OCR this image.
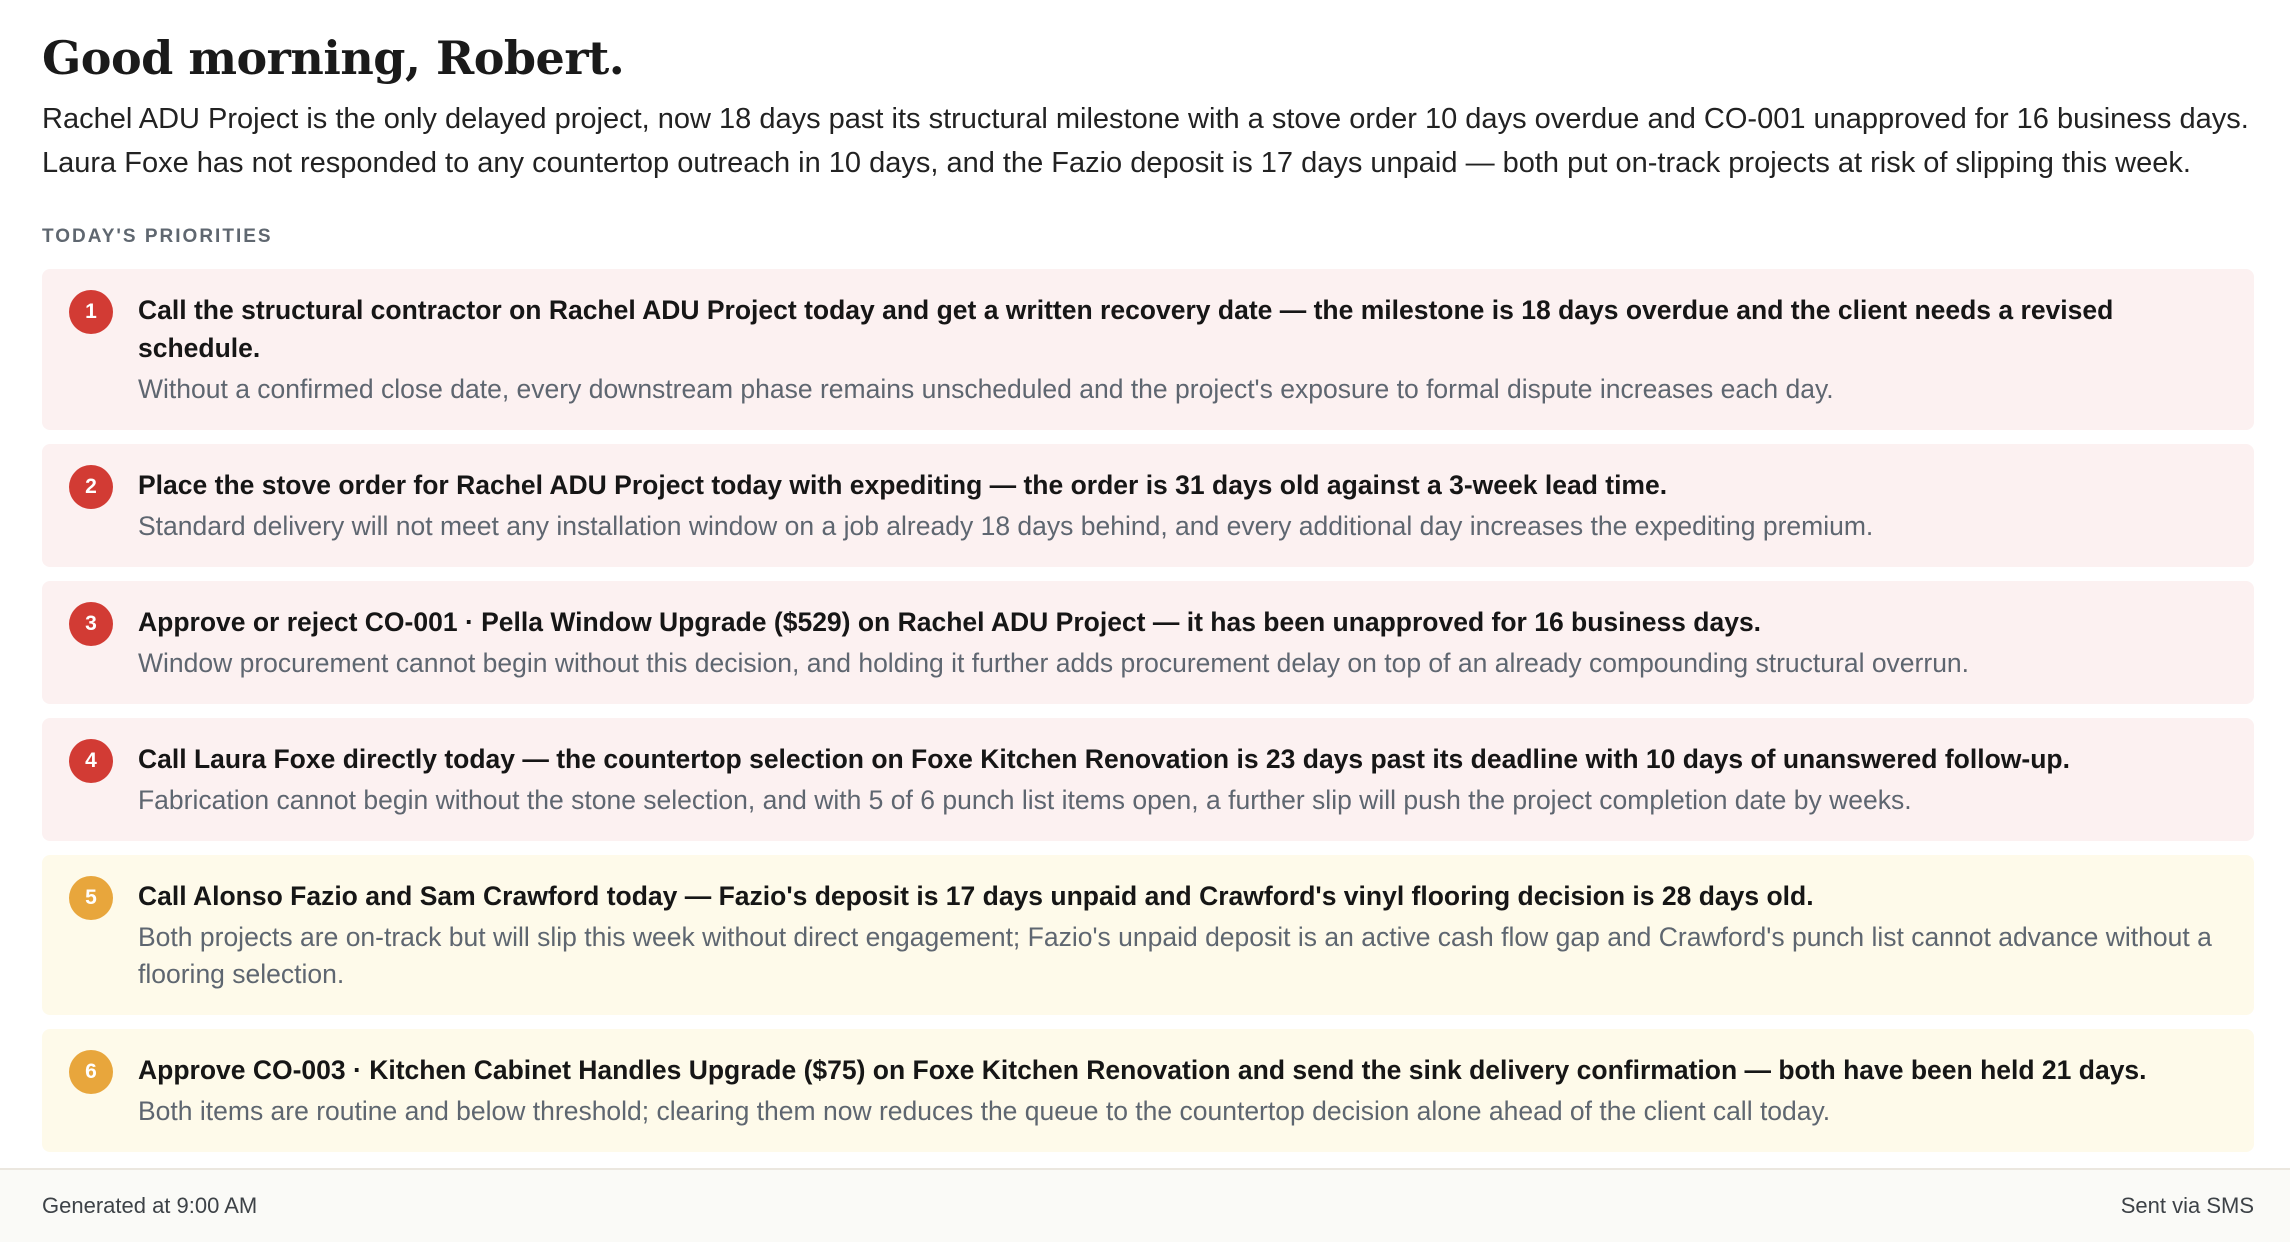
Good morning, Robert.

Rachel ADU Project is the only delayed project, now 18 days past its structural milestone with a stove order 10 days overdue and CO-001 unapproved for 16 business days. Laura Foxe has not responded to any countertop outreach in 10 days, and the Fazio deposit is 17 days unpaid — both put on-track projects at risk of slipping this week.

TODAY'S PRIORITIES
1	Call the structural contractor on Rachel ADU Project today and get a written recovery date — the milestone is 18 days overdue and the client needs a revised schedule.
Without a confirmed close date, every downstream phase remains unscheduled and the project's exposure to formal dispute increases each day.
2	Place the stove order for Rachel ADU Project today with expediting — the order is 31 days old against a 3-week lead time.
Standard delivery will not meet any installation window on a job already 18 days behind, and every additional day increases the expediting premium.
3	Approve or reject CO-001 · Pella Window Upgrade ($529) on Rachel ADU Project — it has been unapproved for 16 business days.
Window procurement cannot begin without this decision, and holding it further adds procurement delay on top of an already compounding structural overrun.
4	Call Laura Foxe directly today — the countertop selection on Foxe Kitchen Renovation is 23 days past its deadline with 10 days of unanswered follow-up.
Fabrication cannot begin without the stone selection, and with 5 of 6 punch list items open, a further slip will push the project completion date by weeks.
5	Call Alonso Fazio and Sam Crawford today — Fazio's deposit is 17 days unpaid and Crawford's vinyl flooring decision is 28 days old.
Both projects are on-track but will slip this week without direct engagement; Fazio's unpaid deposit is an active cash flow gap and Crawford's punch list cannot advance without a flooring selection.
6	Approve CO-003 · Kitchen Cabinet Handles Upgrade ($75) on Foxe Kitchen Renovation and send the sink delivery confirmation — both have been held 21 days.
Both items are routine and below threshold; clearing them now reduces the queue to the countertop decision alone ahead of the client call today.
Generated at 9:00 AM	Sent via SMS
